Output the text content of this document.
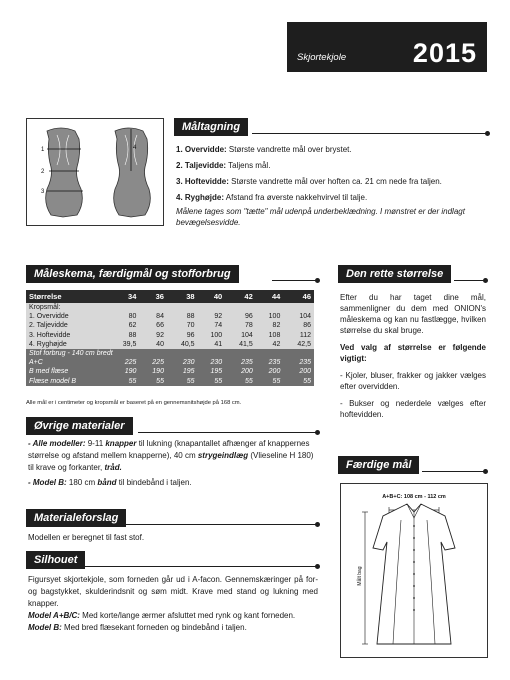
Skjortekjole 2015
1
2
3
4
Måltagning

1. Overvidde: Største vandrette mål over brystet.

2. Taljevidde: Taljens mål.

3. Hoftevidde: Største vandrette mål over hoften ca. 21 cm nede fra taljen.

4. Ryghøjde: Afstand fra øverste nakkehvirvel til talje.

Målene tages som "tætte" mål udenpå underbeklædning. I mønstret er der indlagt bevægelsesvidde.

Måleskema, færdigmål og stofforbrug
Størrelse	34	36	38	40	42	44	46
Kropsmål:							
1. Overvidde	80	84	88	92	96	100	104
2. Taljevidde	62	66	70	74	78	82	86
3. Hoftevidde	88	92	96	100	104	108	112
4. Ryghøjde	39,5	40	40,5	41	41,5	42	42,5
Stof forbrug - 140 cm bredt							
A+C	225	225	230	230	235	235	235
B med flæse	190	190	195	195	200	200	200
Flæse model B	55	55	55	55	55	55	55
Alle mål er i centimeter og kropsmål er baseret på en gennemsnitshøjde på 168 cm.
Øvrige materialer
- Alle modeller: 9-11 knapper til lukning (knapantallet afhænger af knappernes størrelse og afstand mellem knapperne), 40 cm strygeindlæg (Vlieseline H 180) til krave og forkanter, tråd.
- Model B: 180 cm bånd til bindebånd i taljen.
Materialeforslag
Modellen er beregnet til fast stof.
Silhouet
Figursyet skjortekjole, som forneden går ud i A-facon. Gennemskæringer på for- og bagstykket, skulderindsnit og søm midt. Krave med stand og lukning med knapper.
Model A+B/C: Med korte/lange ærmer afsluttet med rynk og kant forneden.
Model B: Med bred flæsekant forneden og bindebånd i taljen.
Den rette størrelse

Efter du har taget dine mål, sammenligner du dem med ONION's måleskema og kan nu fastlægge, hvilken størrelse du skal bruge.

Ved valg af størrelse er følgende vigtigt:

- Kjoler, bluser, frakker og jakker vælges efter overvidden.

- Bukser og nederdele vælges efter hoftevidden.

Færdige mål
A+B+C: 108 cm - 112 cm
Målt bag
